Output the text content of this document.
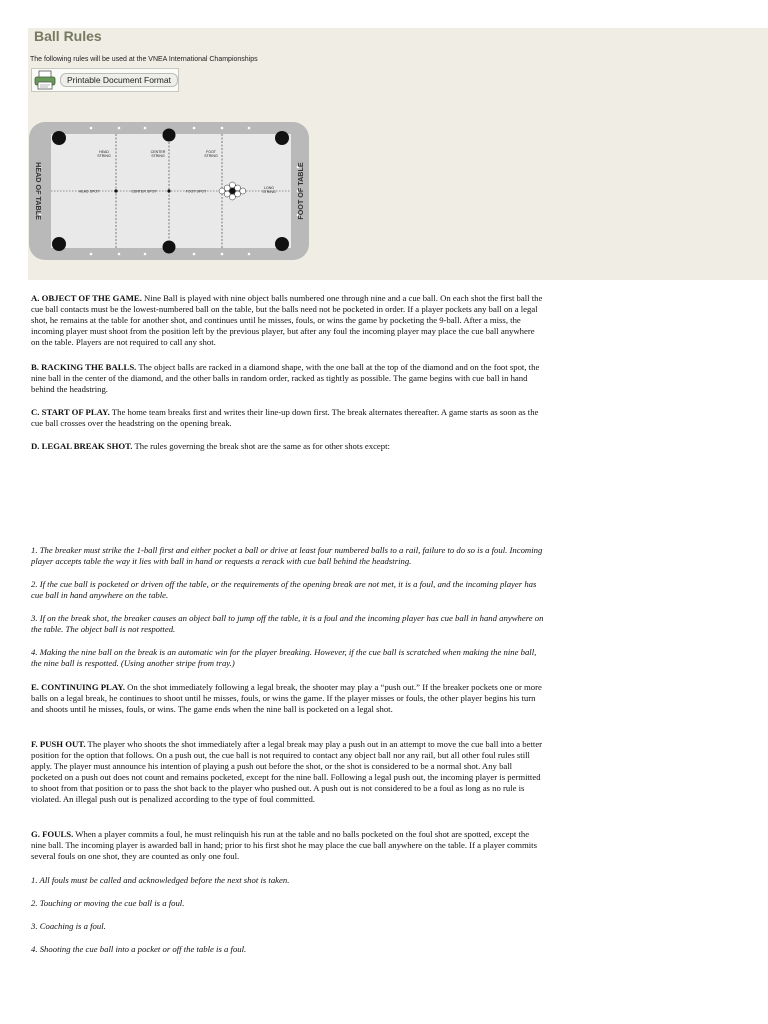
Ball Rules
The following rules will be used at the VNEA International Championships
Printable Document Format
HEAD
STRING
CENTER
STRING
FOOT
STRING
HEAD SPOT	CENTER SPOT	FOOT SPOT
LONG
STRING
HEAD OF TABLE	FOOT OF TABLE

A. OBJECT OF THE GAME. Nine Ball is played with nine object balls numbered one through nine and a cue ball. On each shot the first ball the cue ball contacts must be the lowest-numbered ball on the table, but the balls need not be pocketed in order. If a player pockets any ball on a legal shot, he remains at the table for another shot, and continues until he misses, fouls, or wins the game by pocketing the 9-ball. After a miss, the incoming player must shoot from the position left by the previous player, but after any foul the incoming player may place the cue ball anywhere on the table. Players are not required to call any shot.

B. RACKING THE BALLS. The object balls are racked in a diamond shape, with the one ball at the top of the diamond and on the foot spot, the nine ball in the center of the diamond, and the other balls in random order, racked as tightly as possible. The game begins with cue ball in hand behind the headstring.

C. START OF PLAY. The home team breaks first and writes their line-up down first. The break alternates thereafter. A game starts as soon as the cue ball crosses over the headstring on the opening break.

D. LEGAL BREAK SHOT. The rules governing the break shot are the same as for other shots except:

1. The breaker must strike the 1-ball first and either pocket a ball or drive at least four numbered balls to a rail, failure to do so is a foul. Incoming player accepts table the way it lies with ball in hand or requests a rerack with cue ball behind the headstring.

2. If the cue ball is pocketed or driven off the table, or the requirements of the opening break are not met, it is a foul, and the incoming player has cue ball in hand anywhere on the table.

3. If on the break shot, the breaker causes an object ball to jump off the table, it is a foul and the incoming player has cue ball in hand anywhere on the table. The object ball is not respotted.

4. Making the nine ball on the break is an automatic win for the player breaking. However, if the cue ball is scratched when making the nine ball, the nine ball is respotted. (Using another stripe from tray.)

E. CONTINUING PLAY. On the shot immediately following a legal break, the shooter may play a “push out.” If the breaker pockets one or more balls on a legal break, he continues to shoot until he misses, fouls, or wins the game. If the player misses or fouls, the other player begins his turn and shoots until he misses, fouls, or wins. The game ends when the nine ball is pocketed on a legal shot.

F. PUSH OUT. The player who shoots the shot immediately after a legal break may play a push out in an attempt to move the cue ball into a better position for the option that follows. On a push out, the cue ball is not required to contact any object ball nor any rail, but all other foul rules still apply. The player must announce his intention of playing a push out before the shot, or the shot is considered to be a normal shot. Any ball pocketed on a push out does not count and remains pocketed, except for the nine ball. Following a legal push out, the incoming player is permitted to shoot from that position or to pass the shot back to the player who pushed out. A push out is not considered to be a foul as long as no rule is violated. An illegal push out is penalized according to the type of foul committed.

G. FOULS. When a player commits a foul, he must relinquish his run at the table and no balls pocketed on the foul shot are spotted, except the nine ball. The incoming player is awarded ball in hand; prior to his first shot he may place the cue ball anywhere on the table. If a player commits several fouls on one shot, they are counted as only one foul.

1. All fouls must be called and acknowledged before the next shot is taken.

2. Touching or moving the cue ball is a foul.

3. Coaching is a foul.

4. Shooting the cue ball into a pocket or off the table is a foul.
